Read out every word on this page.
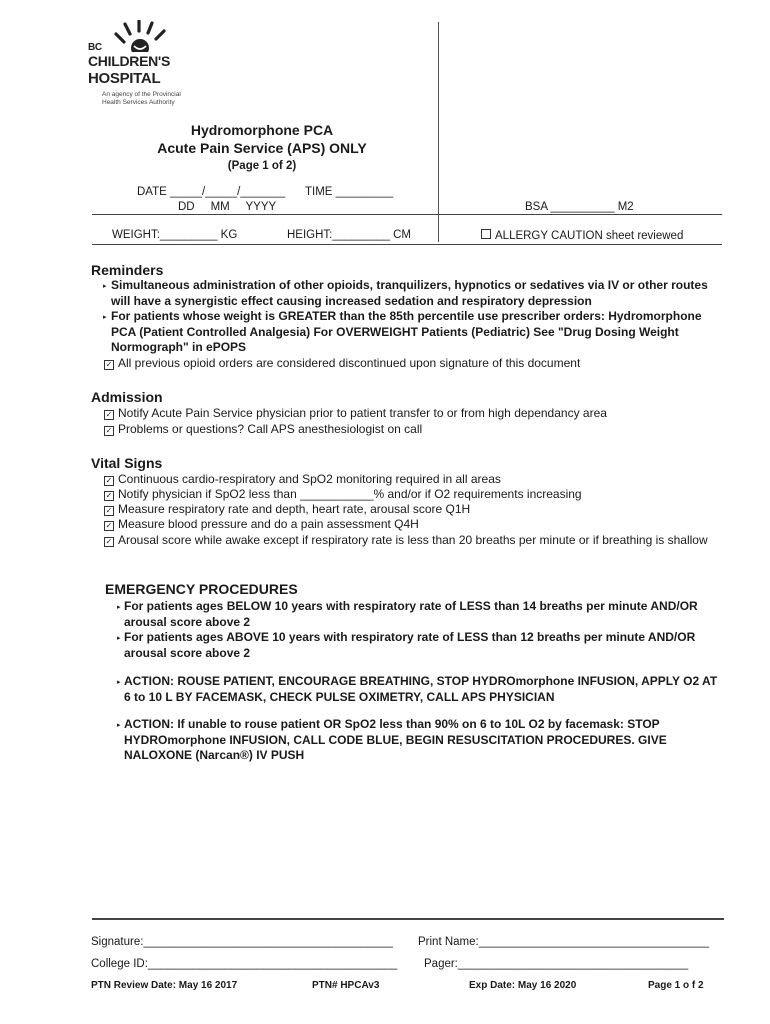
BC
CHILDREN'S
HOSPITAL
An agency of the Provincial
Health Services Authority
Hydromorphone PCA
Acute Pain Service (APS) ONLY
(Page 1 of 2)
DATE _____/_____/_______ TIME _________
DD     MM     YYYY	BSA __________ M2
WEIGHT:_________ KG	HEIGHT:_________ CM	ALLERGY CAUTION sheet reviewed
Reminders
▸ Simultaneous administration of other opioids, tranquilizers, hypnotics or sedatives via IV or other routes will have a synergistic effect causing increased sedation and respiratory depression
▸ For patients whose weight is GREATER than the 85th percentile use prescriber orders: Hydromorphone PCA (Patient Controlled Analgesia) For OVERWEIGHT Patients (Pediatric) See "Drug Dosing Weight Normograph" in ePOPS
✓ All previous opioid orders are considered discontinued upon signature of this document
Admission
✓ Notify Acute Pain Service physician prior to patient transfer to or from high dependancy area
✓ Problems or questions? Call APS anesthesiologist on call
Vital Signs
✓ Continuous cardio-respiratory and SpO2 monitoring required in all areas
✓ Notify physician if SpO2 less than ___________% and/or if O2 requirements increasing
✓ Measure respiratory rate and depth, heart rate, arousal score Q1H
✓ Measure blood pressure and do a pain assessment Q4H
✓ Arousal score while awake except if respiratory rate is less than 20 breaths per minute or if breathing is shallow
EMERGENCY PROCEDURES
▸ For patients ages BELOW 10 years with respiratory rate of LESS than 14 breaths per minute AND/OR arousal score above 2
▸ For patients ages ABOVE 10 years with respiratory rate of LESS than 12 breaths per minute AND/OR arousal score above 2
▸ ACTION: ROUSE PATIENT, ENCOURAGE BREATHING, STOP HYDROmorphone INFUSION, APPLY O2 AT 6 to 10 L BY FACEMASK, CHECK PULSE OXIMETRY, CALL APS PHYSICIAN
▸ ACTION: If unable to rouse patient OR SpO2 less than 90% on 6 to 10L O2 by facemask: STOP HYDROmorphone INFUSION, CALL CODE BLUE, BEGIN RESUSCITATION PROCEDURES. GIVE NALOXONE (Narcan®) IV PUSH
Signature:_______________________________________ Print Name:____________________________________
College ID:_______________________________________ Pager:____________________________________
PTN Review Date: May 16 2017	PTN# HPCAv3	Exp Date: May 16 2020	Page 1 o f 2
